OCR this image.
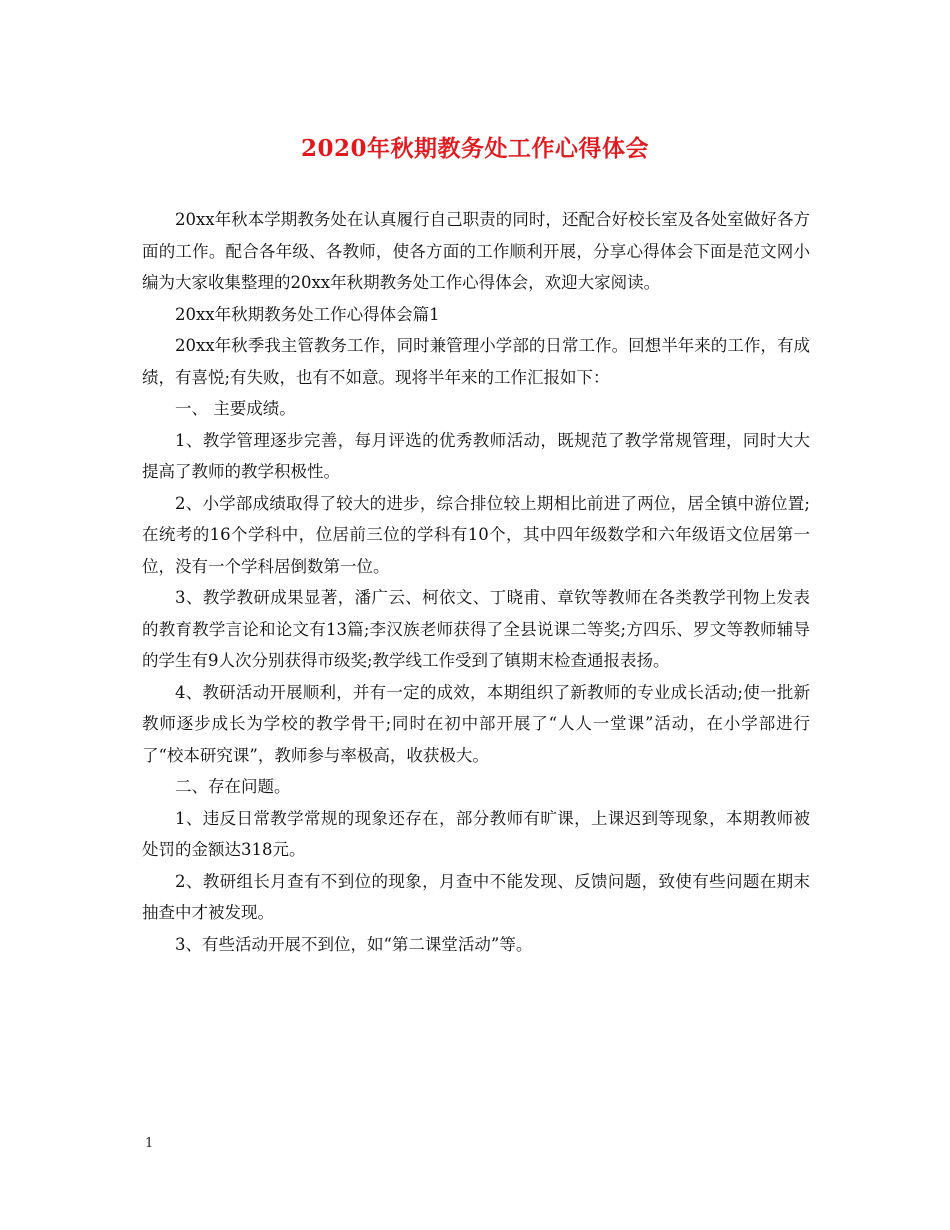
2020年秋期教务处工作心得体会

20xx年秋本学期教务处在认真履行自己职责的同时，还配合好校长室及各处室做好各方面的工作。配合各年级、各教师，使各方面的工作顺利开展，分享心得体会下面是范文网小编为大家收集整理的20xx年秋期教务处工作心得体会，欢迎大家阅读。

20xx年秋期教务处工作心得体会篇1

20xx年秋季我主管教务工作，同时兼管理小学部的日常工作。回想半年来的工作，有成绩，有喜悦;有失败，也有不如意。现将半年来的工作汇报如下：

一、 主要成绩。

1、教学管理逐步完善，每月评选的优秀教师活动，既规范了教学常规管理，同时大大提高了教师的教学积极性。

2、小学部成绩取得了较大的进步，综合排位较上期相比前进了两位，居全镇中游位置;在统考的16个学科中，位居前三位的学科有10个，其中四年级数学和六年级语文位居第一位，没有一个学科居倒数第一位。

3、教学教研成果显著，潘广云、柯依文、丁晓甫、章钦等教师在各类教学刊物上发表的教育教学言论和论文有13篇;李汉族老师获得了全县说课二等奖;方四乐、罗文等教师辅导的学生有9人次分别获得市级奖;教学线工作受到了镇期末检查通报表扬。

4、教研活动开展顺利，并有一定的成效，本期组织了新教师的专业成长活动;使一批新教师逐步成长为学校的教学骨干;同时在初中部开展了“人人一堂课”活动，在小学部进行了“校本研究课”，教师参与率极高，收获极大。

二、存在问题。

1、违反日常教学常规的现象还存在，部分教师有旷课，上课迟到等现象，本期教师被处罚的金额达318元。

2、教研组长月查有不到位的现象，月查中不能发现、反馈问题，致使有些问题在期末抽查中才被发现。

3、有些活动开展不到位，如“第二课堂活动”等。

1
